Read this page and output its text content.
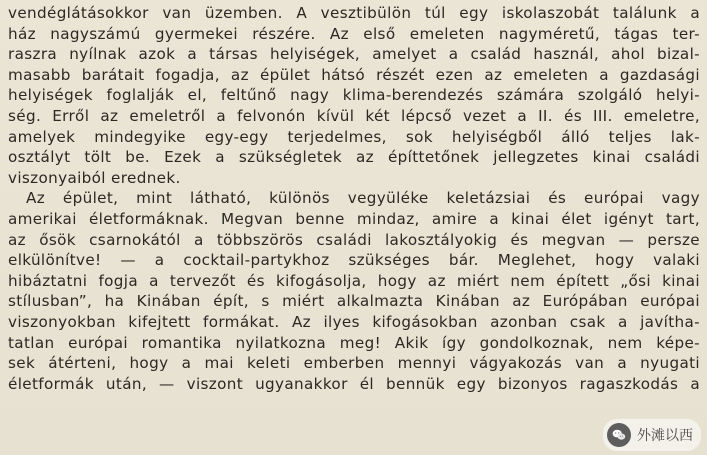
vendéglátásokkor van üzemben. A vesztibülön túl egy iskolaszobát találunk a
ház nagyszámú gyermekei részére. Az első emeleten nagyméretű, tágas ter-
raszra nyílnak azok a társas helyiségek, amelyet a család használ, ahol bizal-
masabb barátait fogadja, az épület hátsó részét ezen az emeleten a gazdasági
helyiségek foglalják el, feltűnő nagy klima-berendezés számára szolgáló helyi-
ség. Erről az emeletről a felvonón kívül két lépcső vezet a II. és III. emeletre,
amelyek mindegyike egy-egy terjedelmes, sok helyiségből álló teljes lak-
osztályt tölt be. Ezek a szükségletek az építtetőnek jellegzetes kinai családi
viszonyaiból erednek.
Az épület, mint látható, különös vegyüléke keletázsiai és európai vagy
amerikai életformáknak. Megvan benne mindaz, amire a kinai élet igényt tart,
az ősök csarnokától a többszörös családi lakosztályokig és megvan — persze
elkülönítve! — a cocktail-partykhoz szükséges bár. Meglehet, hogy valaki
hibáztatni fogja a tervezőt és kifogásolja, hogy az miért nem épített „ősi kinai
stílusban”, ha Kinában épít, s miért alkalmazta Kinában az Európában európai
viszonyokban kifejtett formákat. Az ilyes kifogásokban azonban csak a javítha-
tatlan európai romantika nyilatkozna meg! Akik így gondolkoznak, nem képe-
sek átérteni, hogy a mai keleti emberben mennyi vágyakozás van a nyugati
életformák után, — viszont ugyanakkor él bennük egy bizonyos ragaszkodás a
外滩以西
